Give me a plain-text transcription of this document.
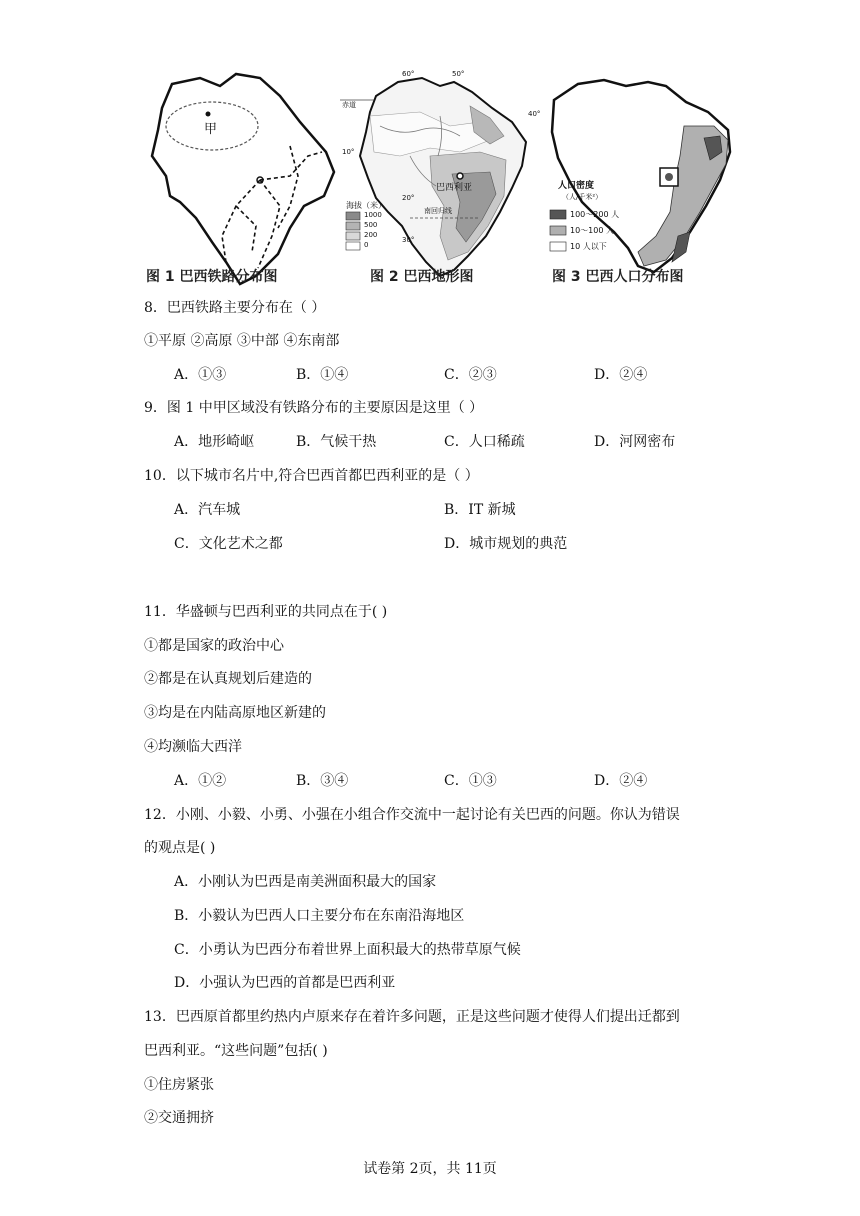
甲
图 1 巴西铁路分布图
60°	50°
40°
赤道
10°
20°
30°
巴西利亚
南回归线
海拔（米）
1000
500
200
0
图 2 巴西地形图
人口密度
（人/千米²）
100～200 人
10～100 人
10 人以下
图 3 巴西人口分布图
8．巴西铁路主要分布在（ ）
①平原 ②高原 ③中部 ④东南部
A．①③	B．①④	C．②③	D．②④
9．图 1 中甲区域没有铁路分布的主要原因是这里（ ）
A．地形崎岖	B．气候干热	C．人口稀疏	D．河网密布
10．以下城市名片中,符合巴西首都巴西利亚的是（ ）
A．汽车城	B．IT 新城
C．文化艺术之都	D．城市规划的典范
11．华盛顿与巴西利亚的共同点在于( )
①都是国家的政治中心
②都是在认真规划后建造的
③均是在内陆高原地区新建的
④均濒临大西洋
A．①②	B．③④	C．①③	D．②④
12．小刚、小毅、小勇、小强在小组合作交流中一起讨论有关巴西的问题。你认为错误
的观点是( )
A．小刚认为巴西是南美洲面积最大的国家
B．小毅认为巴西人口主要分布在东南沿海地区
C．小勇认为巴西分布着世界上面积最大的热带草原气候
D．小强认为巴西的首都是巴西利亚
13．巴西原首都里约热内卢原来存在着许多问题，正是这些问题才使得人们提出迁都到
巴西利亚。“这些问题”包括( )
①住房紧张
②交通拥挤
试卷第 2页，共 11页
